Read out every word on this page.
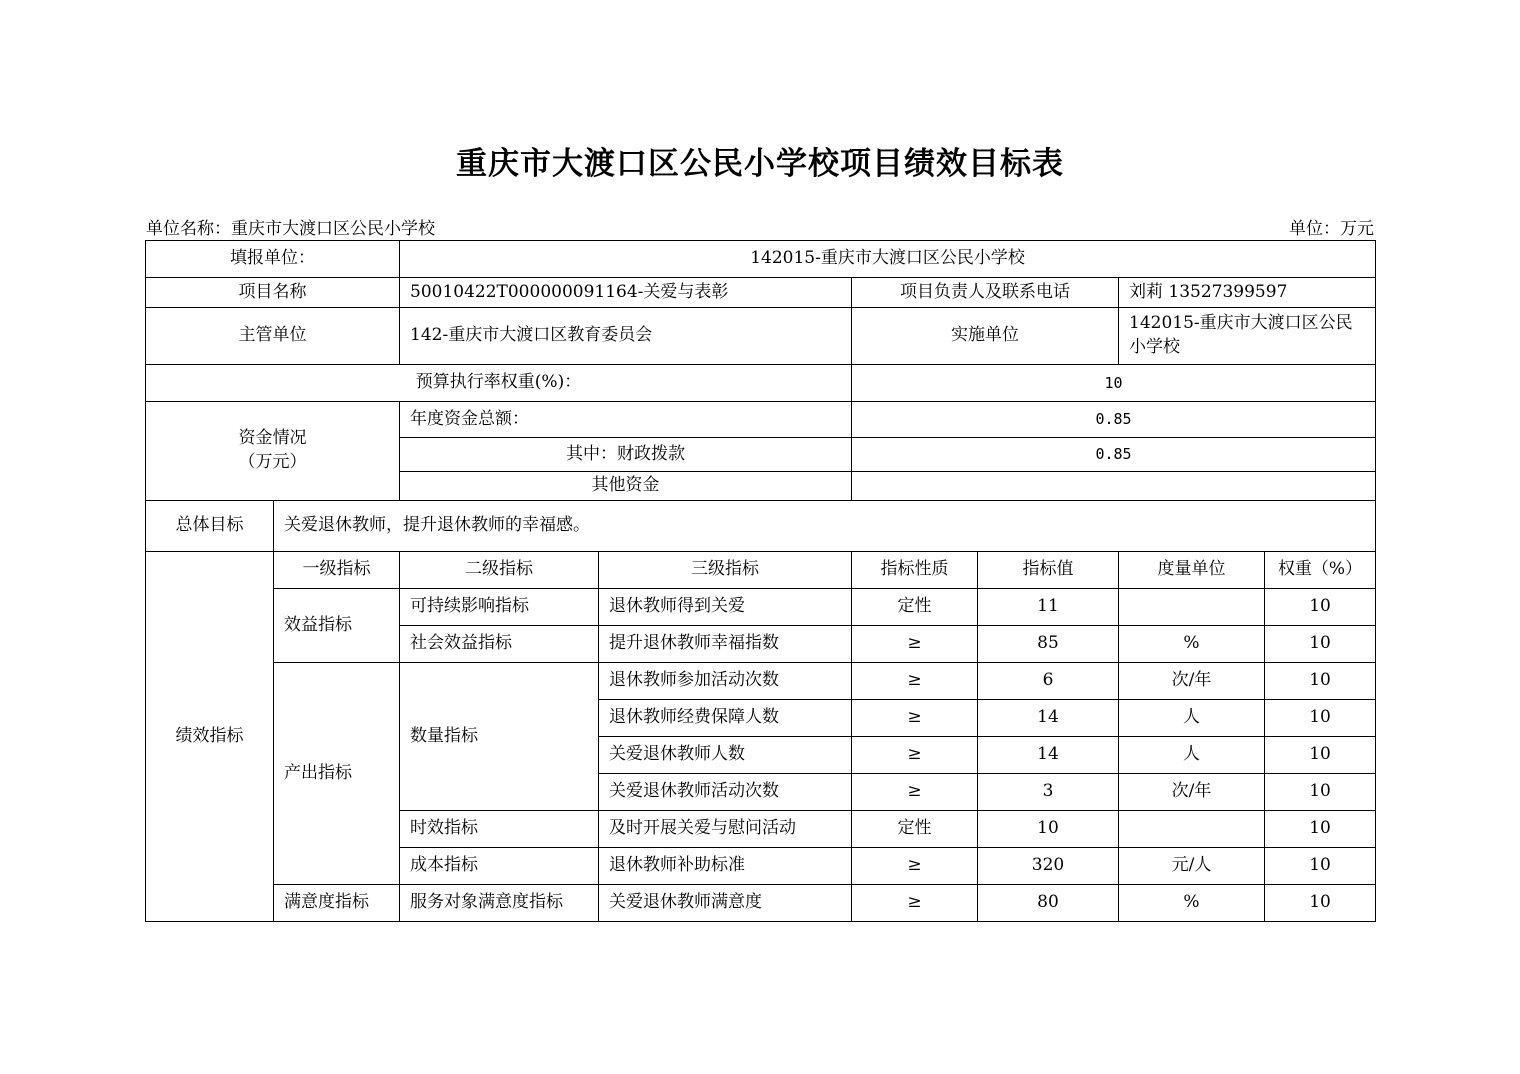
重庆市大渡口区公民小学校项目绩效目标表
单位名称：重庆市大渡口区公民小学校	单位：万元
填报单位：		142015-重庆市大渡口区公民小学校					
项目名称		50010422T000000091164-关爱与表彰		项目负责人及联系电话		刘莉 13527399597	
主管单位		142-重庆市大渡口区教育委员会		实施单位		142015-重庆市大渡口区公民小学校	
预算执行率权重(%)：				10			

资金情况
（万元）		年度资金总额：		0.85			
		其中：财政拨款		0.85			
		其他资金					
总体目标	关爱退休教师，提升退休教师的幸福感。						
绩效指标	一级指标	二级指标	三级指标	指标性质	指标值	度量单位	权重（%）
	效益指标	可持续影响指标	退休教师得到关爱	定性	11		10
		社会效益指标	提升退休教师幸福指数	≥	85	%	10
	产出指标	数量指标	退休教师参加活动次数	≥	6	次/年	10
			退休教师经费保障人数	≥	14	人	10
			关爱退休教师人数	≥	14	人	10
			关爱退休教师活动次数	≥	3	次/年	10
		时效指标	及时开展关爱与慰问活动	定性	10		10
		成本指标	退休教师补助标准	≥	320	元/人	10
	满意度指标	服务对象满意度指标	关爱退休教师满意度	≥	80	%	10
